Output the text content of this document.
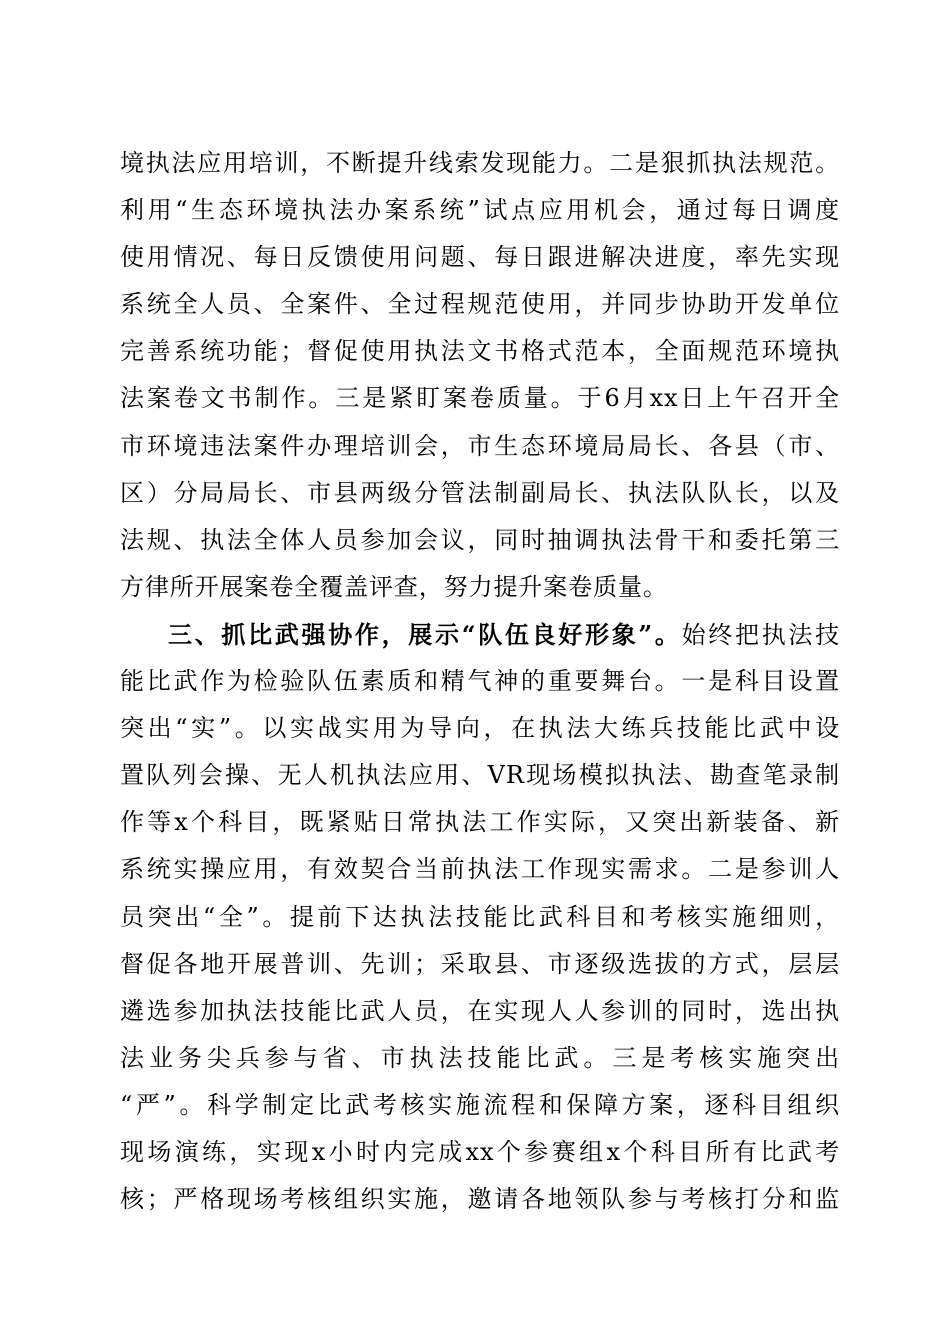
境执法应用培训，不断提升线索发现能力。二是狠抓执法规范。
利用“生态环境执法办案系统”试点应用机会，通过每日调度
使用情况、每日反馈使用问题、每日跟进解决进度，率先实现
系统全人员、全案件、全过程规范使用，并同步协助开发单位
完善系统功能；督促使用执法文书格式范本，全面规范环境执
法案卷文书制作。三是紧盯案卷质量。于6月xx日上午召开全
市环境违法案件办理培训会，市生态环境局局长、各县（市、
区）分局局长、市县两级分管法制副局长、执法队队长，以及
法规、执法全体人员参加会议，同时抽调执法骨干和委托第三
方律所开展案卷全覆盖评查，努力提升案卷质量。
三、抓比武强协作，展示“队伍良好形象”。始终把执法技
能比武作为检验队伍素质和精气神的重要舞台。一是科目设置
突出“实”。以实战实用为导向，在执法大练兵技能比武中设
置队列会操、无人机执法应用、VR现场模拟执法、勘查笔录制
作等x个科目，既紧贴日常执法工作实际，又突出新装备、新
系统实操应用，有效契合当前执法工作现实需求。二是参训人
员突出“全”。提前下达执法技能比武科目和考核实施细则，
督促各地开展普训、先训；采取县、市逐级选拔的方式，层层
遴选参加执法技能比武人员，在实现人人参训的同时，选出执
法业务尖兵参与省、市执法技能比武。三是考核实施突出
“严”。科学制定比武考核实施流程和保障方案，逐科目组织
现场演练，实现x小时内完成xx个参赛组x个科目所有比武考
核；严格现场考核组织实施，邀请各地领队参与考核打分和监
